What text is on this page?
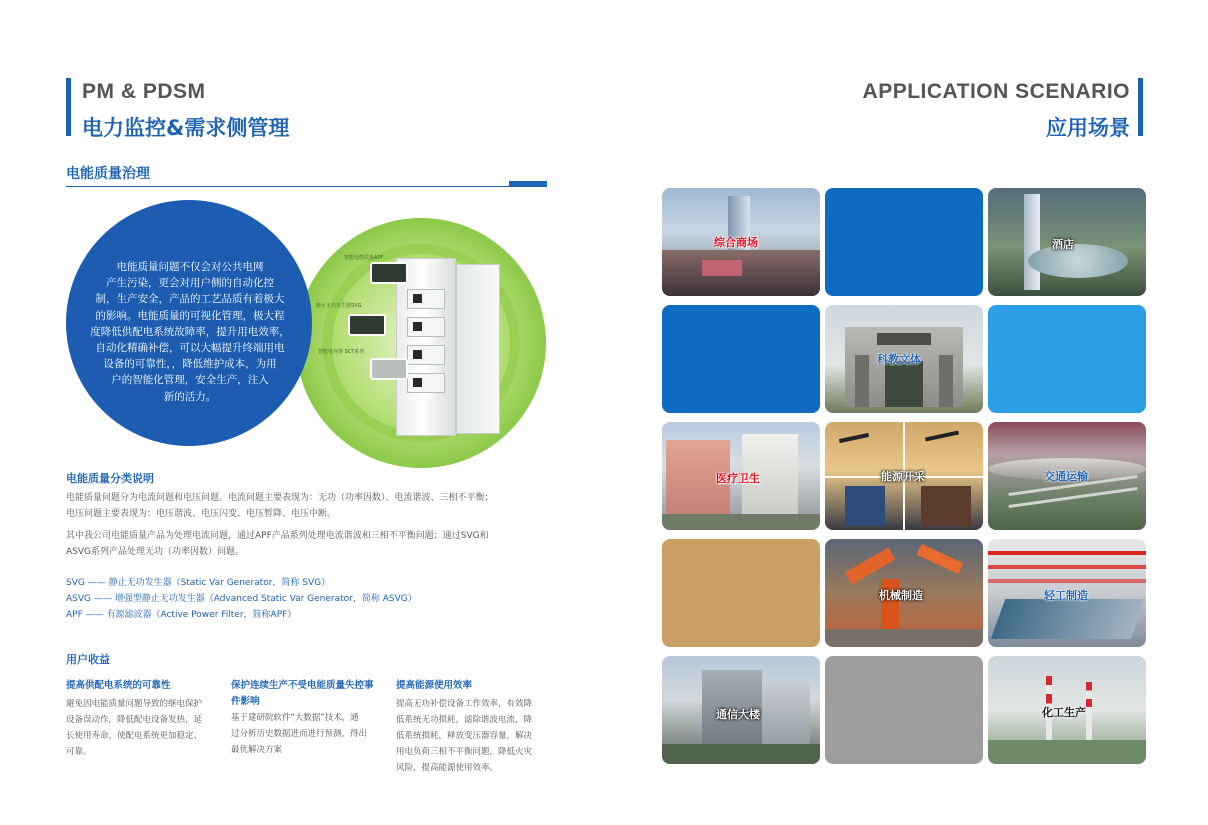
PM & PDSM
电力监控&需求侧管理
APPLICATION SCENARIO
应用场景
电能质量治理
智能电能质量APF
静止无功发生器SVG
智能电容器 SCT系列

电能质量问题不仅会对公共电网

产生污染，更会对用户侧的自动化控

制，生产安全，产品的工艺品质有着极大

的影响。电能质量的可视化管理，极大程

度降低供配电系统故障率，提升用电效率，

自动化精确补偿，可以大幅提升终端用电

设备的可靠性，，降低维护成本，为用

户的智能化管理，安全生产，注入

新的活力。

电能质量分类说明
电能质量问题分为电流问题和电压问题。电流问题主要表现为：无功（功率因数）、电流谐波、三相不平衡；
电压问题主要表现为：电压谐波、电压闪变、电压暂降、电压中断。
其中我公司电能质量产品为处理电流问题，通过APF产品系列处理电流谐波和三相不平衡问题；通过SVG和
ASVG系列产品处理无功（功率因数）问题。
SVG —— 静止无功发生器（Static Var Generator，简称 SVG）
ASVG —— 增强型静止无功发生器（Advanced Static Var Generator，简称 ASVG）
APF —— 有源滤波器（Active Power Filter，简称APF）
用户收益
提高供配电系统的可靠性
避免因电能质量问题导致的继电保护
设备误动作，降低配电设备发热，延
长使用寿命，使配电系统更加稳定、
可靠。
保护连续生产不受电能质量失控事
件影响
基于建研院软件“大数据”技术，通
过分析历史数据进而进行预测，得出
最优解决方案
提高能源使用效率
提高无功补偿设备工作效率，有效降
低系统无功损耗，滤除谐波电流，降
低系统损耗，释放变压器容量，解决
用电负荷三相不平衡问题，降低火灾
风险，提高能源使用效率。
综合商场	酒店
科教文体
医疗卫生	能源开采	交通运输
机械制造	轻工制造
通信大楼	化工生产
